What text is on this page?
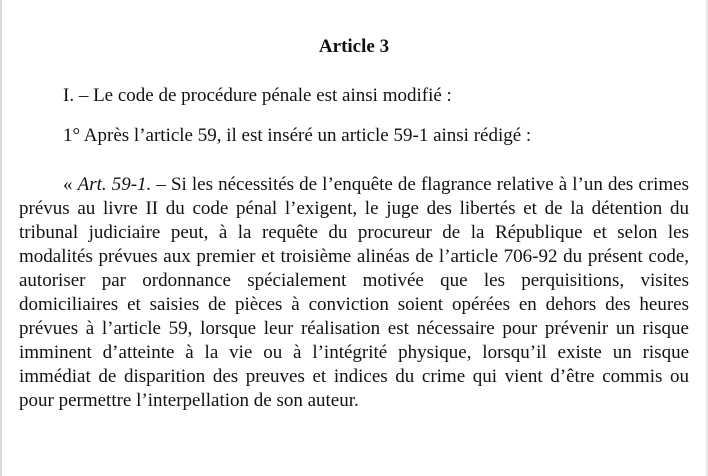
Article 3
I. – Le code de procédure pénale est ainsi modifié :
1° Après l’article 59, il est inséré un article 59-1 ainsi rédigé :
« Art. 59-1. – Si les nécessités de l’enquête de flagrance relative à l’un des crimes prévus au livre II du code pénal l’exigent, le juge des libertés et de la détention du tribunal judiciaire peut, à la requête du procureur de la République et selon les modalités prévues aux premier et troisième alinéas de l’article 706-92 du présent code, autoriser par ordonnance spécialement motivée que les perquisitions, visites domiciliaires et saisies de pièces à conviction soient opérées en dehors des heures prévues à l’article 59, lorsque leur réalisation est nécessaire pour prévenir un risque imminent d’atteinte à la vie ou à l’intégrité physique, lorsqu’il existe un risque immédiat de disparition des preuves et indices du crime qui vient d’être commis ou pour permettre l’interpellation de son auteur.
